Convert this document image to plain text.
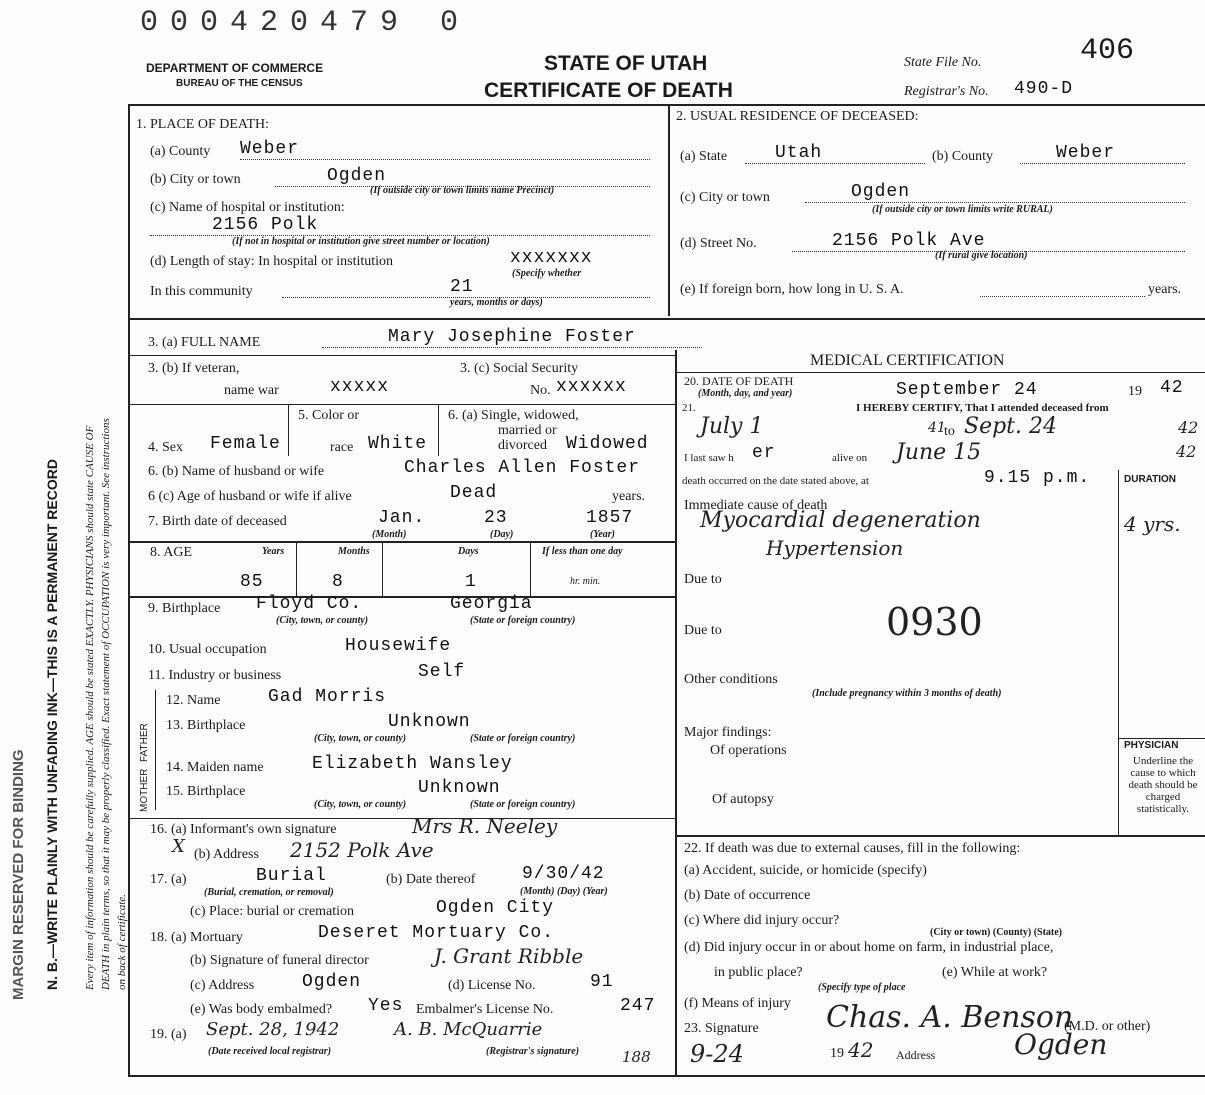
MARGIN RESERVED FOR BINDING N. B.—WRITE PLAINLY WITH UNFADING INK—THIS IS A PERMANENT RECORD Every item of information should be carefully supplied. AGE should be stated EXACTLY. PHYSICIANS should state CAUSE OF DEATH in plain terms, so that it may be properly classified. Exact statement of OCCUPATION is very important. See instructions on back of certificate.
000420479 0
DEPARTMENT OF COMMERCE
BUREAU OF THE CENSUS
STATE OF UTAH
CERTIFICATE OF DEATH
State File No.	406
Registrar's No. 490-D
FATHER
MOTHER
1. PLACE OF DEATH:
(a) County Weber
(b) City or town	Ogden
(If outside city or town limits name Precinct)
(c) Name of hospital or institution:
2156 Polk
(If not in hospital or institution give street number or location)
(d) Length of stay: In hospital or institution	xxxxxxx
(Specify whether
In this community	21
years, months or days)
2. USUAL RESIDENCE OF DECEASED:
(a) State	Utah	(b) County	Weber
(c) City or town	Ogden
(If outside city or town limits write RURAL)
(d) Street No.	2156 Polk Ave
(If rural give location)
(e) If foreign born, how long in U. S. A.	years.
3. (a) FULL NAME	Mary Josephine Foster
3. (b) If veteran,
name war	xxxxx
3. (c) Social Security
No. xxxxxx
5. Color or	6. (a) Single, widowed,
married or
divorced
4. Sex Female	race White	Widowed
6. (b) Name of husband or wife	Charles Allen Foster
6 (c) Age of husband or wife if alive	Dead	years.
7. Birth date of deceased	Jan.	23	1857
(Month)	(Day)	(Year)
8. AGE	Years	Months	Days	If less than one day
85	8	1	hr. min.
9. Birthplace Floyd Co.	Georgia
(City, town, or county)	(State or foreign country)
10. Usual occupation	Housewife
11. Industry or business	Self
12. Name	Gad Morris
13. Birthplace	Unknown
(City, town, or county)	(State or foreign country)
14. Maiden name	Elizabeth Wansley
15. Birthplace	Unknown
(City, town, or county)	(State or foreign country)
16. (a) Informant's own signature	Mrs R. Neeley
X (b) Address 2152 Polk Ave
17. (a)	Burial
(Burial, cremation, or removal)
(b) Date thereof	9/30/42
(Month) (Day) (Year)
(c) Place: burial or cremation	Ogden City
18. (a) Mortuary	Deseret Mortuary Co.
(b) Signature of funeral director	J. Grant Ribble
(c) Address	Ogden	(d) License No.	91
(e) Was body embalmed? Yes Embalmer's License No.	247
19. (a) Sept. 28, 1942	A. B. McQuarrie
(Date received local registrar)	(Registrar's signature)	188
MEDICAL CERTIFICATION
20. DATE OF DEATH
(Month, day, and year)	September 24	19 42
21.	I HEREBY CERTIFY, That I attended deceased from
July 1	41
to Sept. 24	42
I last saw h er	alive on June 15	42
death occurred on the date stated above, at	9.15 p.m.	DURATION
Immediate cause of death
Myocardial degeneration	4 yrs.
Hypertension
Due to
Due to	0930
Other conditions
(Include pregnancy within 3 months of death)
Major findings:
Of operations
Of autopsy
PHYSICIAN
Underline the cause to which death should be charged statistically.
22. If death was due to external causes, fill in the following:
(a) Accident, suicide, or homicide (specify)
(b) Date of occurrence
(c) Where did injury occur?
(City or town) (County) (State)
(d) Did injury occur in or about home on farm, in industrial place,
in public place?	(e) While at work?
(Specify type of place
(f) Means of injury
23. Signature Chas. A. Benson
(M.D. or other)
9-24	19 42 Address	Ogden
